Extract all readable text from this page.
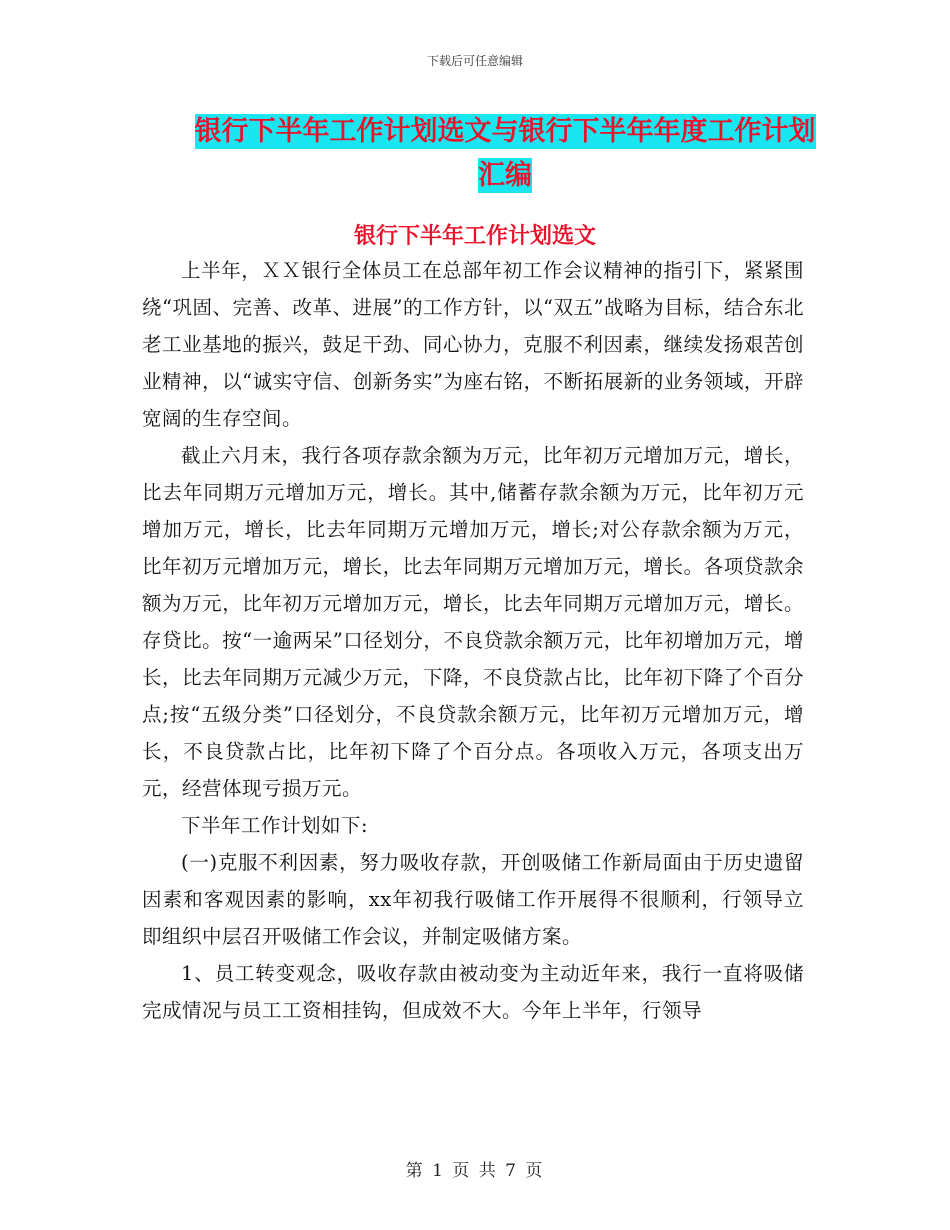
下载后可任意编辑
银行下半年工作计划选文与银行下半年年度工作计划
汇编
银行下半年工作计划选文

上半年，ＸＸ银行全体员工在总部年初工作会议精神的指引下，紧紧围绕“巩固、完善、改革、进展”的工作方针，以“双五”战略为目标，结合东北老工业基地的振兴，鼓足干劲、同心协力，克服不利因素，继续发扬艰苦创业精神，以“诚实守信、创新务实”为座右铭，不断拓展新的业务领域，开辟宽阔的生存空间。

截止六月末，我行各项存款余额为万元，比年初万元增加万元，增长，比去年同期万元增加万元，增长。其中,储蓄存款余额为万元，比年初万元增加万元，增长，比去年同期万元增加万元，增长;对公存款余额为万元，比年初万元增加万元，增长，比去年同期万元增加万元，增长。各项贷款余额为万元，比年初万元增加万元，增长，比去年同期万元增加万元，增长。存贷比。按“一逾两呆”口径划分，不良贷款余额万元，比年初增加万元，增长，比去年同期万元减少万元，下降，不良贷款占比，比年初下降了个百分点;按“五级分类”口径划分，不良贷款余额万元，比年初万元增加万元，增长，不良贷款占比，比年初下降了个百分点。各项收入万元，各项支出万元，经营体现亏损万元。

下半年工作计划如下:

(一)克服不利因素，努力吸收存款，开创吸储工作新局面由于历史遗留因素和客观因素的影响，xx年初我行吸储工作开展得不很顺利，行领导立即组织中层召开吸储工作会议，并制定吸储方案。

1、员工转变观念，吸收存款由被动变为主动近年来，我行一直将吸储完成情况与员工工资相挂钩，但成效不大。今年上半年，行领导

第 1 页 共 7 页
